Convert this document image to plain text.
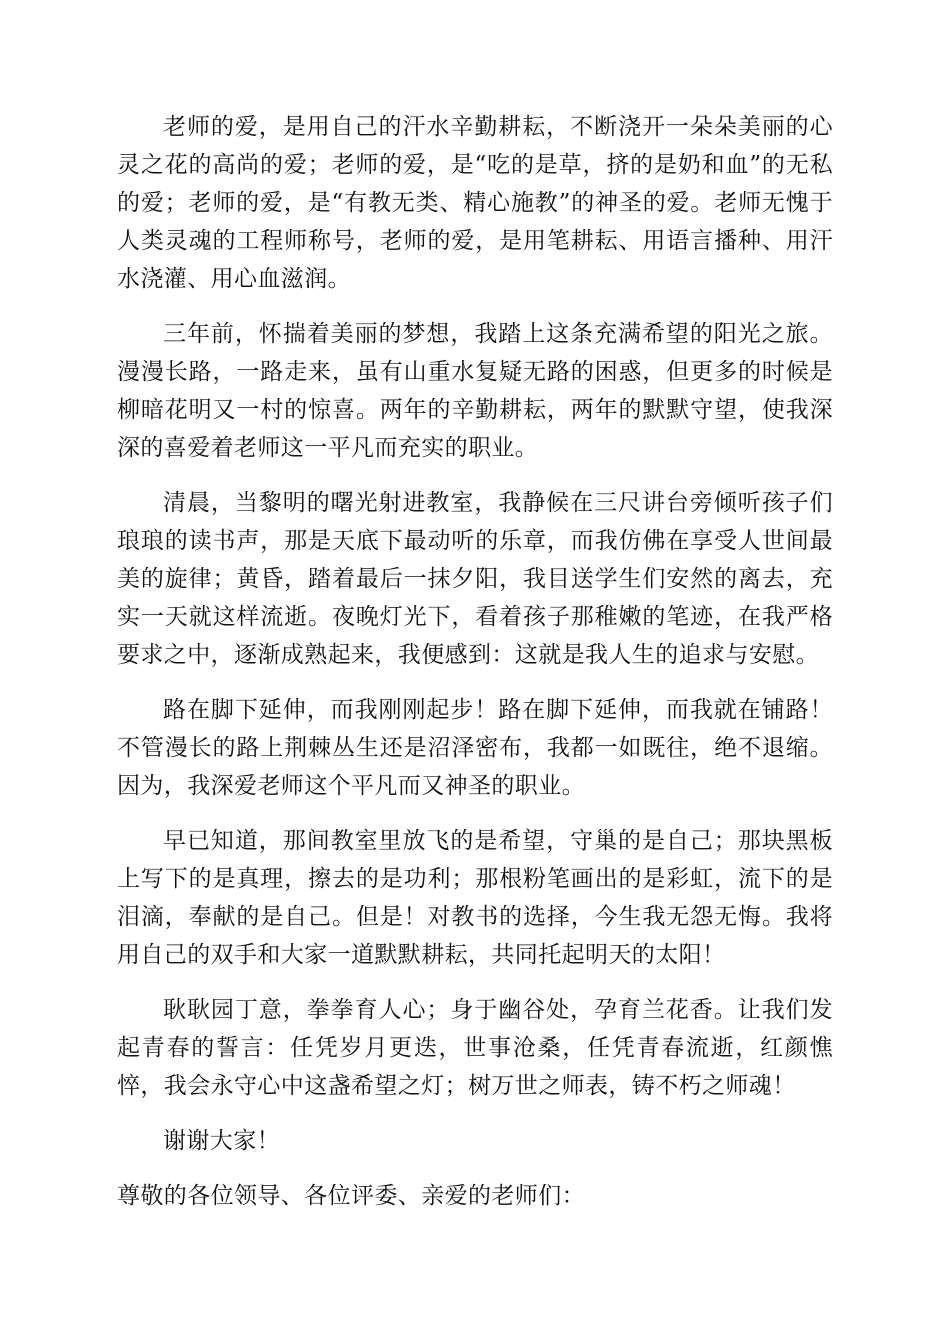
老师的爱，是用自己的汗水辛勤耕耘，不断浇开一朵朵美丽的心灵之花的高尚的爱；老师的爱，是“吃的是草，挤的是奶和血”的无私的爱；老师的爱，是“有教无类、精心施教”的神圣的爱。老师无愧于人类灵魂的工程师称号，老师的爱，是用笔耕耘、用语言播种、用汗水浇灌、用心血滋润。

三年前，怀揣着美丽的梦想，我踏上这条充满希望的阳光之旅。漫漫长路，一路走来，虽有山重水复疑无路的困惑，但更多的时候是柳暗花明又一村的惊喜。两年的辛勤耕耘，两年的默默守望，使我深深的喜爱着老师这一平凡而充实的职业。

清晨，当黎明的曙光射进教室，我静候在三尺讲台旁倾听孩子们琅琅的读书声，那是天底下最动听的乐章，而我仿佛在享受人世间最美的旋律；黄昏，踏着最后一抹夕阳，我目送学生们安然的离去，充实一天就这样流逝。夜晚灯光下，看着孩子那稚嫩的笔迹，在我严格要求之中，逐渐成熟起来，我便感到：这就是我人生的追求与安慰。

路在脚下延伸，而我刚刚起步！路在脚下延伸，而我就在铺路！不管漫长的路上荆棘丛生还是沼泽密布，我都一如既往，绝不退缩。因为，我深爱老师这个平凡而又神圣的职业。

早已知道，那间教室里放飞的是希望，守巢的是自己；那块黑板上写下的是真理，擦去的是功利；那根粉笔画出的是彩虹，流下的是泪滴，奉献的是自己。但是！对教书的选择，今生我无怨无悔。我将用自己的双手和大家一道默默耕耘，共同托起明天的太阳！

耿耿园丁意，拳拳育人心；身于幽谷处，孕育兰花香。让我们发起青春的誓言：任凭岁月更迭，世事沧桑，任凭青春流逝，红颜憔悴，我会永守心中这盏希望之灯；树万世之师表，铸不朽之师魂！

谢谢大家！

尊敬的各位领导、各位评委、亲爱的老师们：
